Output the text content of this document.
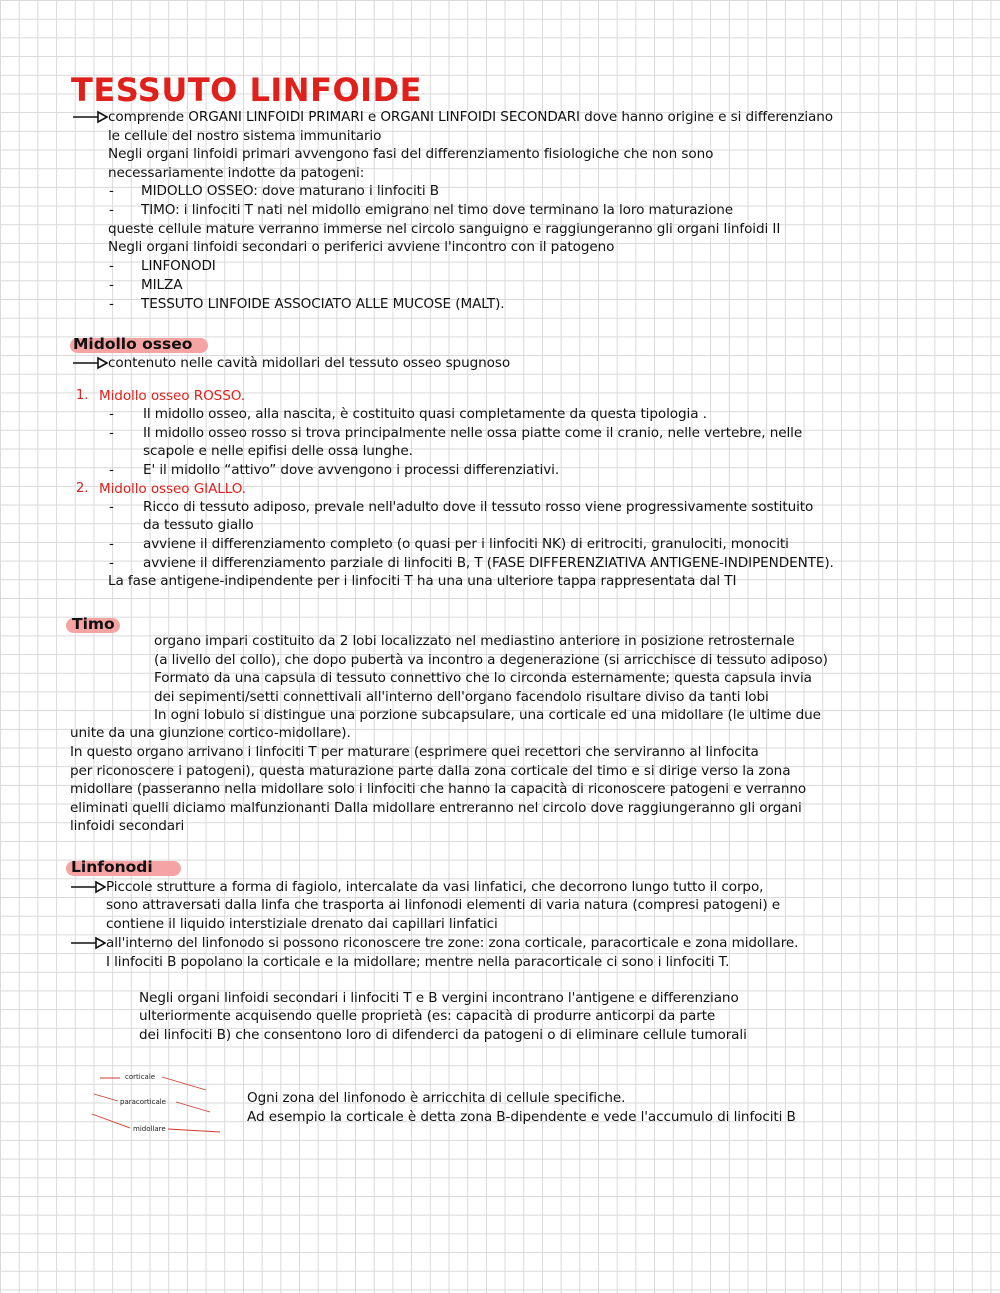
TESSUTO LINFOIDE
comprende ORGANI LINFOIDI PRIMARI e ORGANI LINFOIDI SECONDARI dove hanno origine e si differenziano
le cellule del nostro sistema immunitario
Negli organi linfoidi primari avvengono fasi del differenziamento fisiologiche che non sono
necessariamente indotte da patogeni:
- MIDOLLO OSSEO: dove maturano i linfociti B
- TIMO: i linfociti T nati nel midollo emigrano nel timo dove terminano la loro maturazione
queste cellule mature verranno immerse nel circolo sanguigno e raggiungeranno gli organi linfoidi II
Negli organi linfoidi secondari o periferici avviene l'incontro con il patogeno
- LINFONODI
- MILZA
- TESSUTO LINFOIDE ASSOCIATO ALLE MUCOSE (MALT).
Midollo osseo
contenuto nelle cavità midollari del tessuto osseo spugnoso
1. Midollo osseo ROSSO.
- Il midollo osseo, alla nascita, è costituito quasi completamente da questa tipologia .
- Il midollo osseo rosso si trova principalmente nelle ossa piatte come il cranio, nelle vertebre, nelle
scapole e nelle epifisi delle ossa lunghe.
- E' il midollo “attivo” dove avvengono i processi differenziativi.
2. Midollo osseo GIALLO.
- Ricco di tessuto adiposo, prevale nell'adulto dove il tessuto rosso viene progressivamente sostituito
da tessuto giallo
- avviene il differenziamento completo (o quasi per i linfociti NK) di eritrociti, granulociti, monociti
- avviene il differenziamento parziale di linfociti B, T (FASE DIFFERENZIATIVA ANTIGENE-INDIPENDENTE).
La fase antigene-indipendente per i linfociti T ha una una ulteriore tappa rappresentata dal TI
Timo
organo impari costituito da 2 lobi localizzato nel mediastino anteriore in posizione retrosternale
(a livello del collo), che dopo pubertà va incontro a degenerazione (si arricchisce di tessuto adiposo)
Formato da una capsula di tessuto connettivo che lo circonda esternamente; questa capsula invia
dei sepimenti/setti connettivali all'interno dell'organo facendolo risultare diviso da tanti lobi
In ogni lobulo si distingue una porzione subcapsulare, una corticale ed una midollare (le ultime due
unite da una giunzione cortico-midollare).
In questo organo arrivano i linfociti T per maturare (esprimere quei recettori che serviranno al linfocita
per riconoscere i patogeni), questa maturazione parte dalla zona corticale del timo e si dirige verso la zona
midollare (passeranno nella midollare solo i linfociti che hanno la capacità di riconoscere patogeni e verranno
eliminati quelli diciamo malfunzionanti Dalla midollare entreranno nel circolo dove raggiungeranno gli organi
linfoidi secondari
Linfonodi
Piccole strutture a forma di fagiolo, intercalate da vasi linfatici, che decorrono lungo tutto il corpo,
sono attraversati dalla linfa che trasporta ai linfonodi elementi di varia natura (compresi patogeni) e
contiene il liquido interstiziale drenato dai capillari linfatici
all'interno del linfonodo si possono riconoscere tre zone: zona corticale, paracorticale e zona midollare.
I linfociti B popolano la corticale e la midollare; mentre nella paracorticale ci sono i linfociti T.
Negli organi linfoidi secondari i linfociti T e B vergini incontrano l'antigene e differenziano
ulteriormente acquisendo quelle proprietà (es: capacità di produrre anticorpi da parte
dei linfociti B) che consentono loro di difenderci da patogeni o di eliminare cellule tumorali
corticale
paracorticale
midollare
Ogni zona del linfonodo è arricchita di cellule specifiche.
Ad esempio la corticale è detta zona B-dipendente e vede l'accumulo di linfociti B
